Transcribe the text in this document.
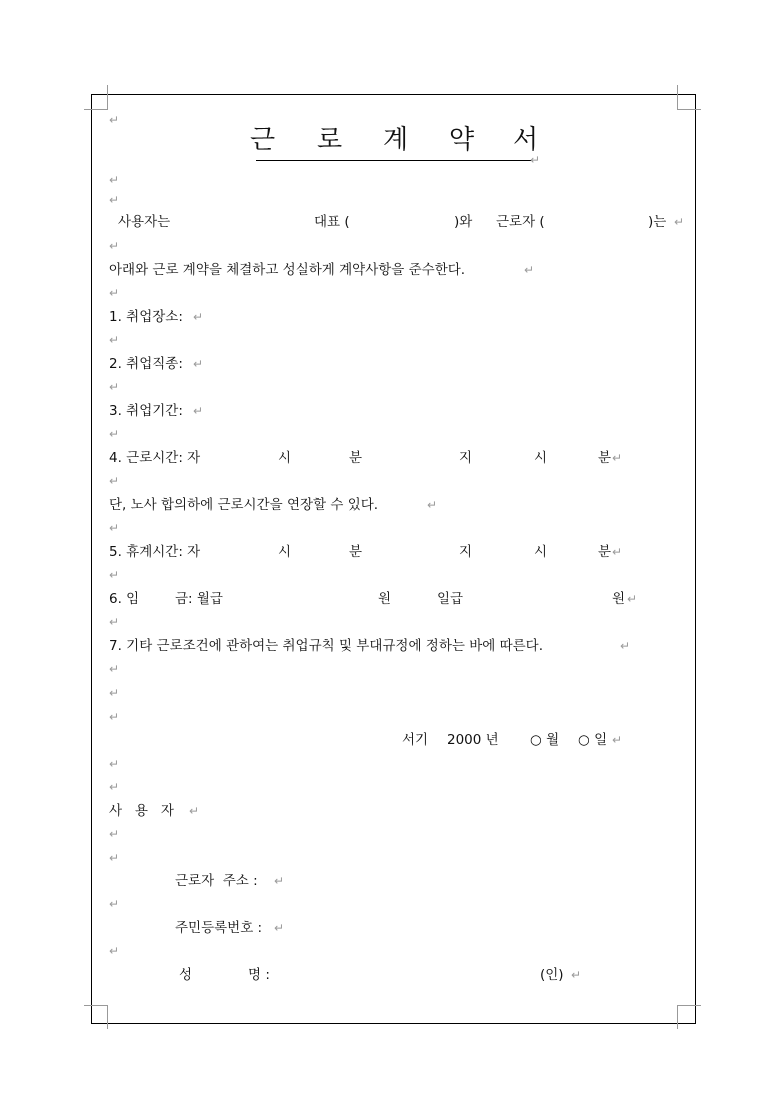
근 로 계 약 서
↵
↵
↵
↵
사용자는	대표 (	)와 근로자 (	)는 ↵
↵
아래와 근로 계약을 체결하고 성실하게 계약사항을 준수한다.	↵
↵
1. 취업장소: ↵
↵
2. 취업직종: ↵
↵
3. 취업기간: ↵
↵
4. 근로시간: 자	시	분	지	시	분 ↵
↵
단, 노사 합의하에 근로시간을 연장할 수 있다.	↵
↵
5. 휴계시간: 자	시	분	지	시	분 ↵
↵
6. 임	금: 월급	원	일급	원 ↵
↵
7. 기타 근로조건에 관하여는 취업규칙 및 부대규정에 정하는 바에 따른다.	↵
↵
↵
↵
서기 2000 년 ○ 월 ○ 일 ↵
↵
↵
사   용   자 ↵
↵
↵
근로자  주소 : ↵
↵
주민등록번호 : ↵
↵
성	명 :	(인) ↵
